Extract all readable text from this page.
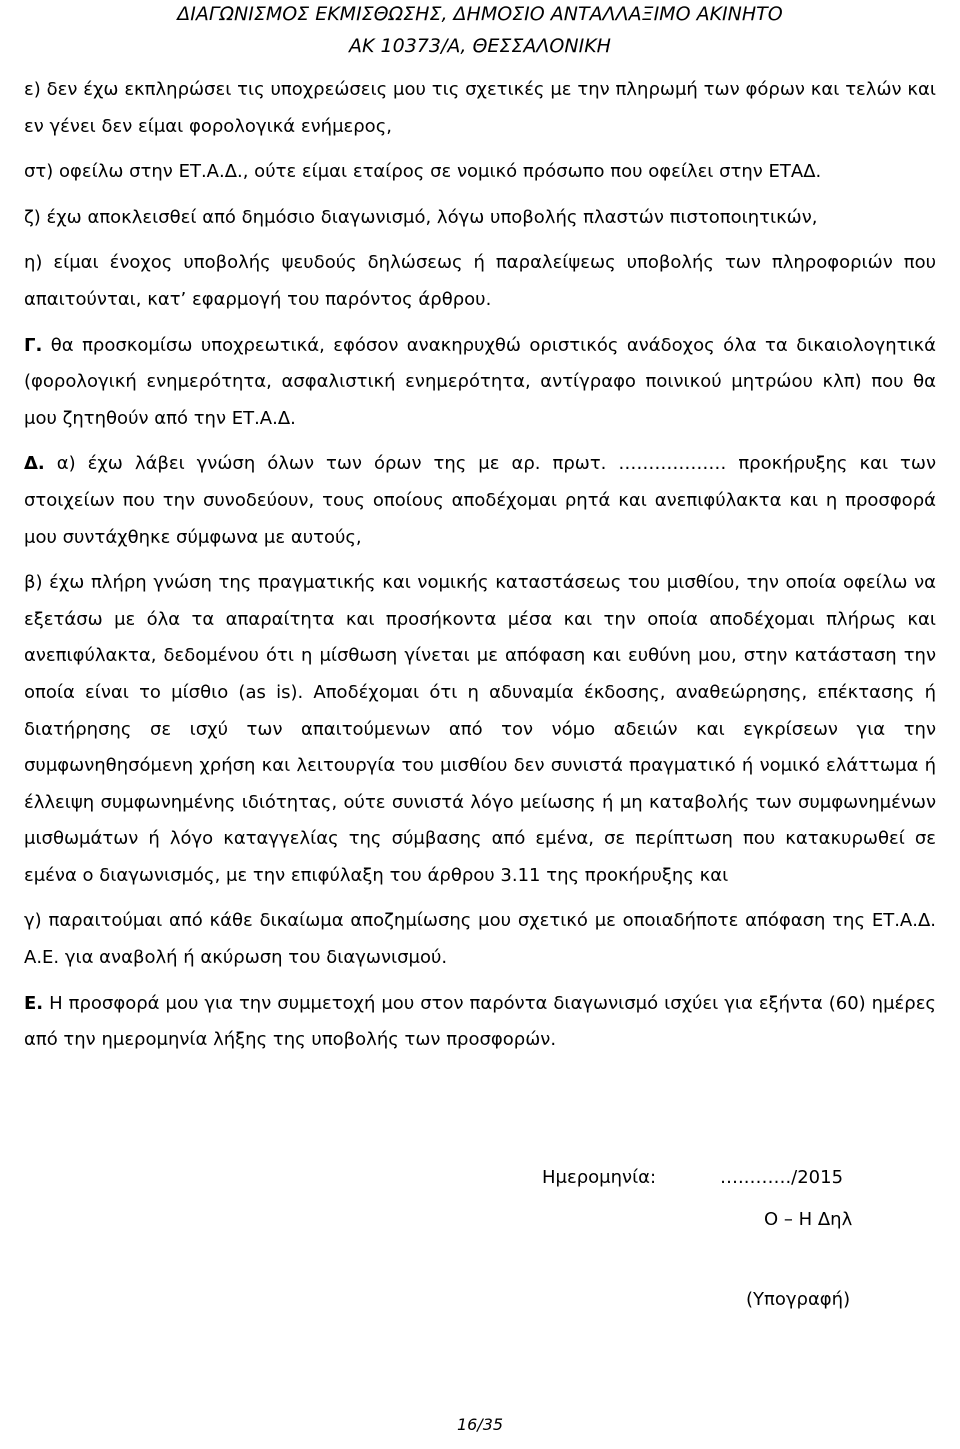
ΔΙΑΓΩΝΙΣΜΟΣ ΕΚΜΙΣΘΩΣΗΣ, ΔΗΜΟΣΙΟ ΑΝΤΑΛΛΑΞΙΜΟ ΑΚΙΝΗΤΟ
ΑΚ 10373/Α, ΘΕΣΣΑΛΟΝΙΚΗ

ε) δεν έχω εκπληρώσει τις υποχρεώσεις μου τις σχετικές με την πληρωμή των φόρων και τελών και εν γένει δεν είμαι φορολογικά ενήμερος,

στ) οφείλω στην ΕΤ.Α.Δ., ούτε είμαι εταίρος σε νομικό πρόσωπο που οφείλει στην ΕΤΑΔ.

ζ) έχω αποκλεισθεί από δημόσιο διαγωνισμό, λόγω υποβολής πλαστών πιστοποιητικών,

η) είμαι ένοχος υποβολής ψευδούς δηλώσεως ή παραλείψεως υποβολής των πληροφοριών που απαιτούνται, κατ’ εφαρμογή του παρόντος άρθρου.

Γ. θα προσκομίσω υποχρεωτικά, εφόσον ανακηρυχθώ οριστικός ανάδοχος όλα τα δικαιολογητικά (φορολογική ενημερότητα, ασφαλιστική ενημερότητα, αντίγραφο ποινικού μητρώου κλπ) που θα μου ζητηθούν από την ΕΤ.Α.Δ.

Δ. α) έχω λάβει γνώση όλων των όρων της με αρ. πρωτ. ……………… προκήρυξης και των στοιχείων που την συνοδεύουν, τους οποίους αποδέχομαι ρητά και ανεπιφύλακτα και η προσφορά μου συντάχθηκε σύμφωνα με αυτούς,

β) έχω πλήρη γνώση της πραγματικής και νομικής καταστάσεως του μισθίου, την οποία οφείλω να εξετάσω με όλα τα απαραίτητα και προσήκοντα μέσα και την οποία αποδέχομαι πλήρως και ανεπιφύλακτα, δεδομένου ότι η μίσθωση γίνεται με απόφαση και ευθύνη μου, στην κατάσταση την οποία είναι το μίσθιο (as is). Αποδέχομαι ότι η αδυναμία έκδοσης, αναθεώρησης, επέκτασης ή διατήρησης σε ισχύ των απαιτούμενων από τον νόμο αδειών και εγκρίσεων για την συμφωνηθησόμενη χρήση και λειτουργία του μισθίου δεν συνιστά πραγματικό ή νομικό ελάττωμα ή έλλειψη συμφωνημένης ιδιότητας, ούτε συνιστά λόγο μείωσης ή μη καταβολής των συμφωνημένων μισθωμάτων ή λόγο καταγγελίας της σύμβασης από εμένα, σε περίπτωση που κατακυρωθεί σε εμένα ο διαγωνισμός, με την επιφύλαξη του άρθρου 3.11 της προκήρυξης και

γ) παραιτούμαι από κάθε δικαίωμα αποζημίωσης μου σχετικό με οποιαδήποτε απόφαση της ΕΤ.Α.Δ. Α.Ε. για αναβολή ή ακύρωση του διαγωνισμού.

Ε. Η προσφορά μου για την συμμετοχή μου στον παρόντα διαγωνισμό ισχύει για εξήντα (60) ημέρες από την ημερομηνία λήξης της υποβολής των προσφορών.

Ημερομηνία:	…..……./2015
Ο – Η Δηλ
(Υπογραφή)
16/35
